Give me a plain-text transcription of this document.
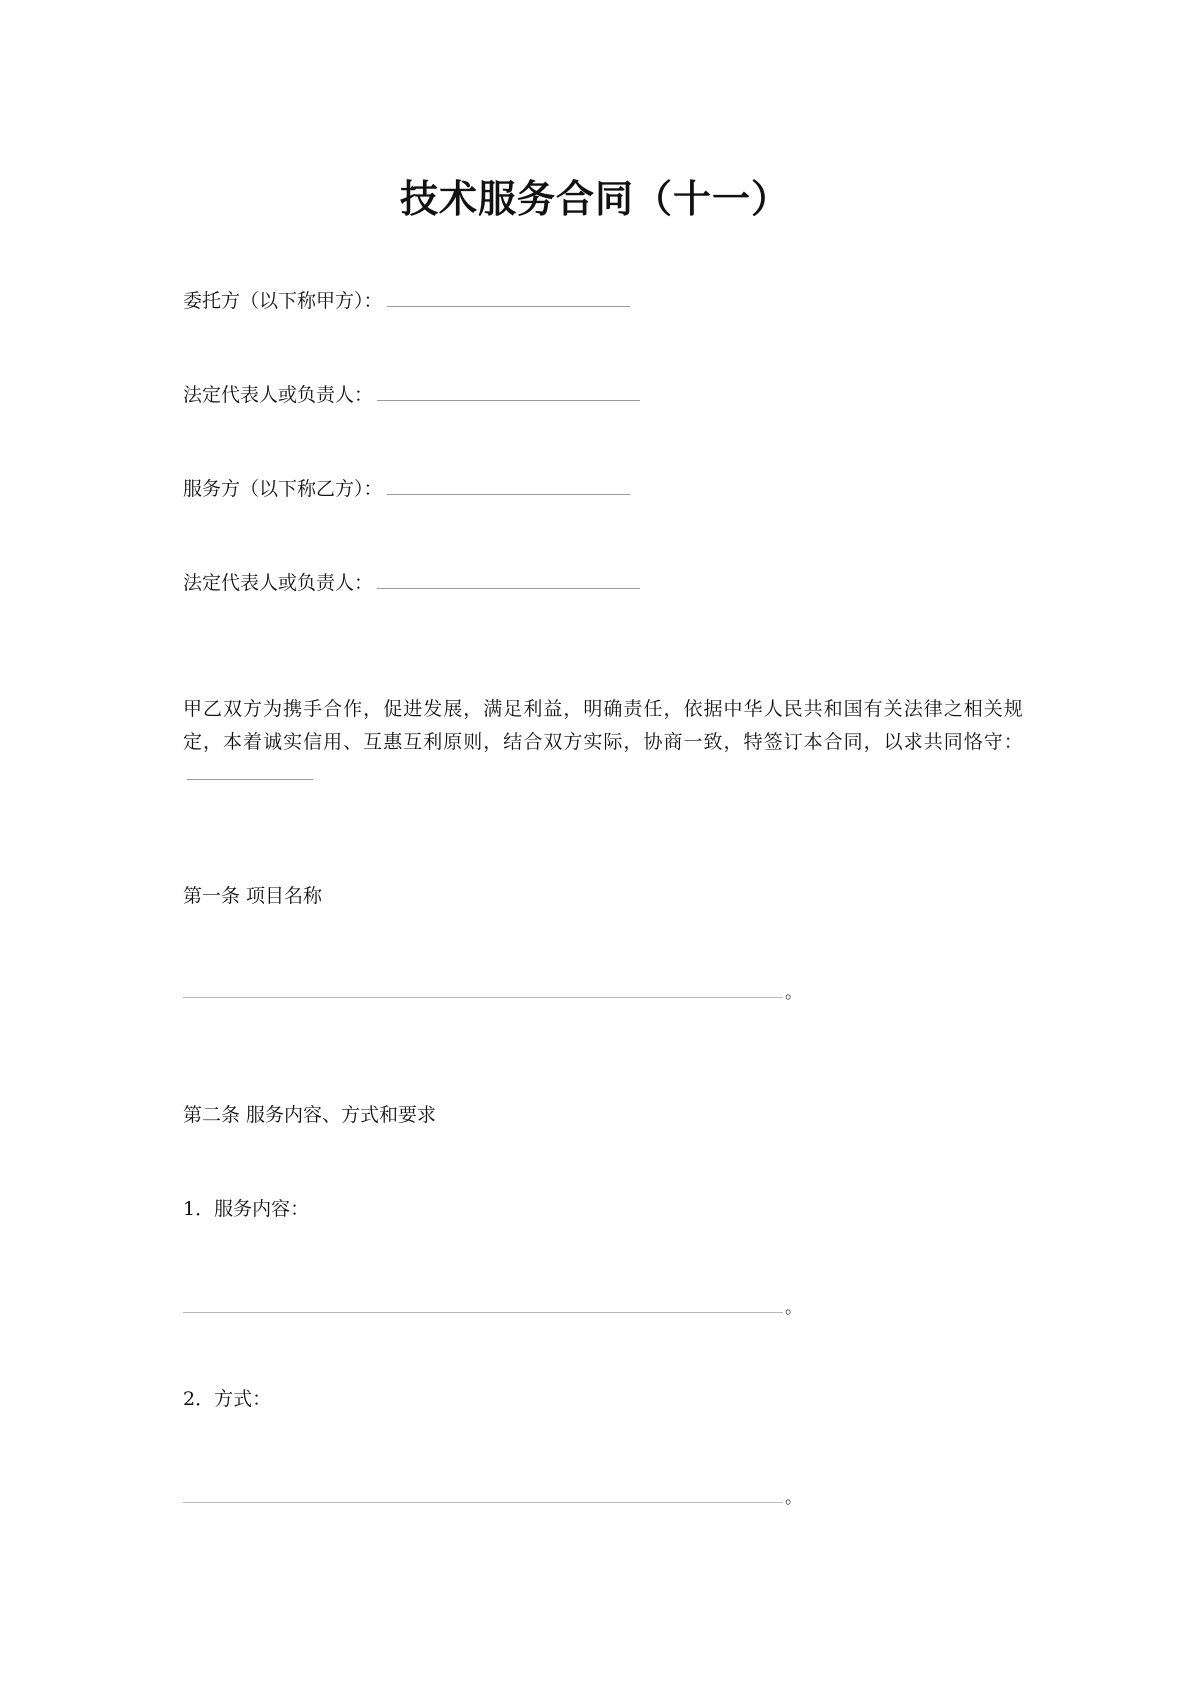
技术服务合同（十一）
委托方（以下称甲方）：
法定代表人或负责人：
服务方（以下称乙方）：
法定代表人或负责人：
甲乙双方为携手合作，促进发展，满足利益，明确责任，依据中华人民共和国有关法律之相关规定，本着诚实信用、互惠互利原则，结合双方实际，协商一致，特签订本合同，以求共同恪守：
第一条 项目名称
。
第二条 服务内容、方式和要求
1．服务内容：
。
2．方式：
。
